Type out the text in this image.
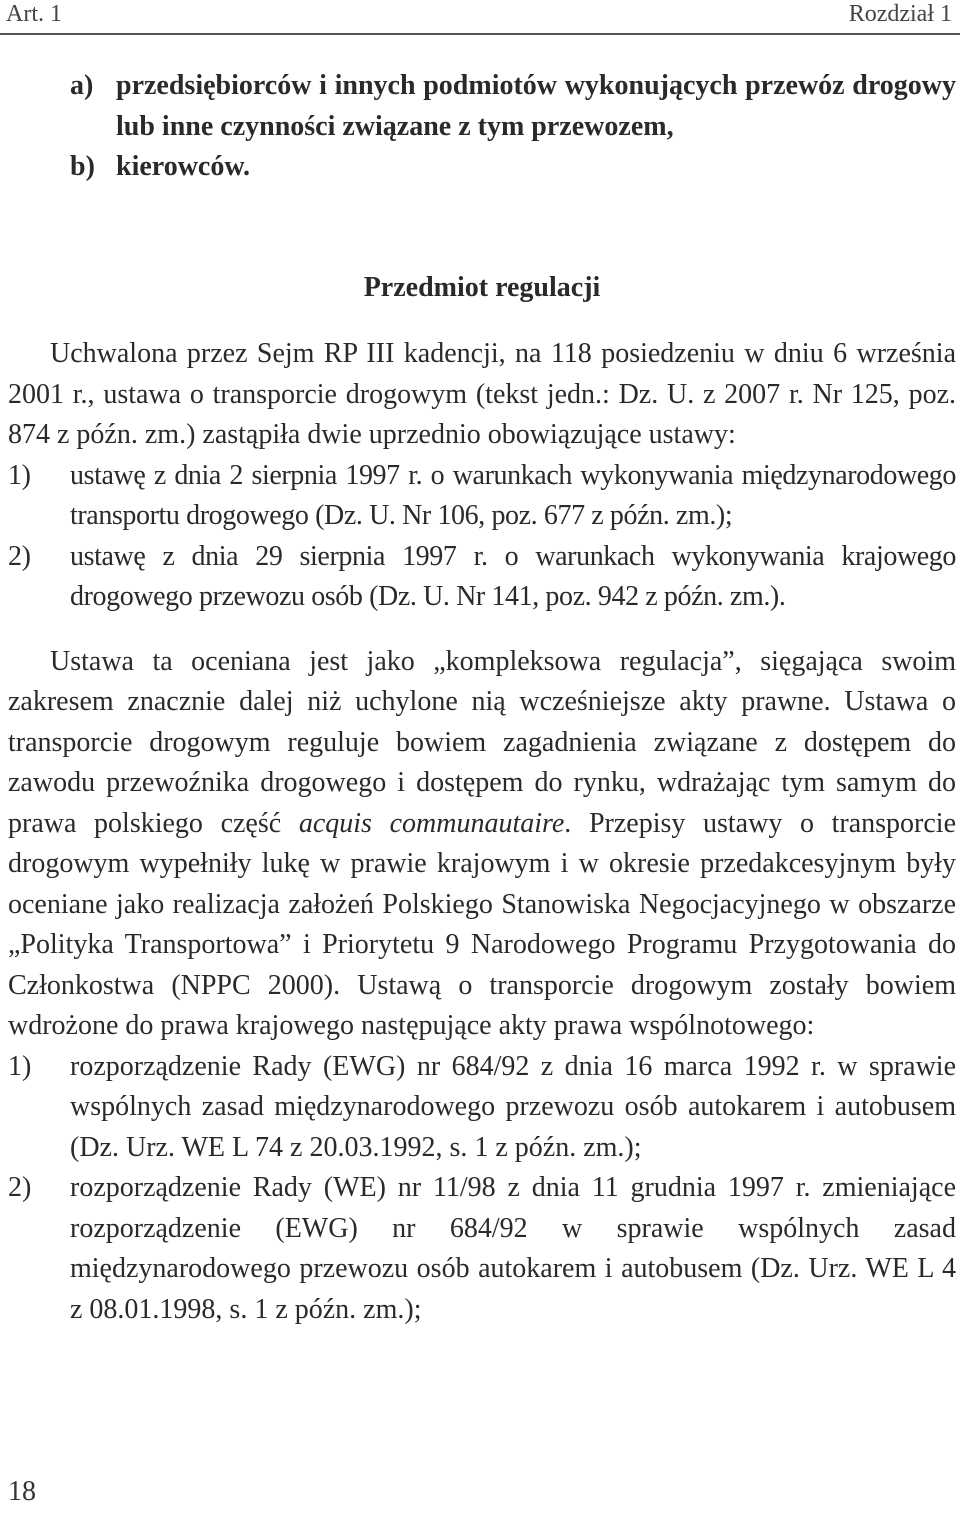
Art. 1	Rozdział 1
a) przedsiębiorców i innych podmiotów wykonujących przewóz drogowy lub inne czynności związane z tym przewozem,
b) kierowców.
Przedmiot regulacji

Uchwalona przez Sejm RP III kadencji, na 118 posiedzeniu w dniu 6 września 2001 r., ustawa o transporcie drogowym (tekst jedn.: Dz. U. z 2007 r. Nr 125, poz. 874 z późn. zm.) zastąpiła dwie uprzednio obowiązujące ustawy:

1) ustawę z dnia 2 sierpnia 1997 r. o warunkach wykonywania międzynarodowego transportu drogowego (Dz. U. Nr 106, poz. 677 z późn. zm.);
2) ustawę z dnia 29 sierpnia 1997 r. o warunkach wykonywania krajowego drogowego przewozu osób (Dz. U. Nr 141, poz. 942 z późn. zm.).

Ustawa ta oceniana jest jako „kompleksowa regulacja”, sięgająca swoim zakresem znacznie dalej niż uchylone nią wcześniejsze akty prawne. Ustawa o transporcie drogowym reguluje bowiem zagadnienia związane z dostępem do zawodu przewoźnika drogowego i dostępem do rynku, wdrażając tym samym do prawa polskiego część acquis communautaire. Przepisy ustawy o transporcie drogowym wypełniły lukę w prawie krajowym i w okresie przedakcesyjnym były oceniane jako realizacja założeń Polskiego Stanowiska Negocjacyjnego w obszarze „Polityka Transportowa” i Priorytetu 9 Narodowego Programu Przygotowania do Członkostwa (NPPC 2000). Ustawą o transporcie drogowym zostały bowiem wdrożone do prawa krajowego następujące akty prawa wspólnotowego:

1) rozporządzenie Rady (EWG) nr 684/92 z dnia 16 marca 1992 r. w sprawie wspólnych zasad międzynarodowego przewozu osób autokarem i autobusem (Dz. Urz. WE L 74 z 20.03.1992, s. 1 z późn. zm.);
2) rozporządzenie Rady (WE) nr 11/98 z dnia 11 grudnia 1997 r. zmieniające rozporządzenie (EWG) nr 684/92 w sprawie wspólnych zasad międzynarodowego przewozu osób autokarem i autobusem (Dz. Urz. WE L 4 z 08.01.1998, s. 1 z późn. zm.);
18
